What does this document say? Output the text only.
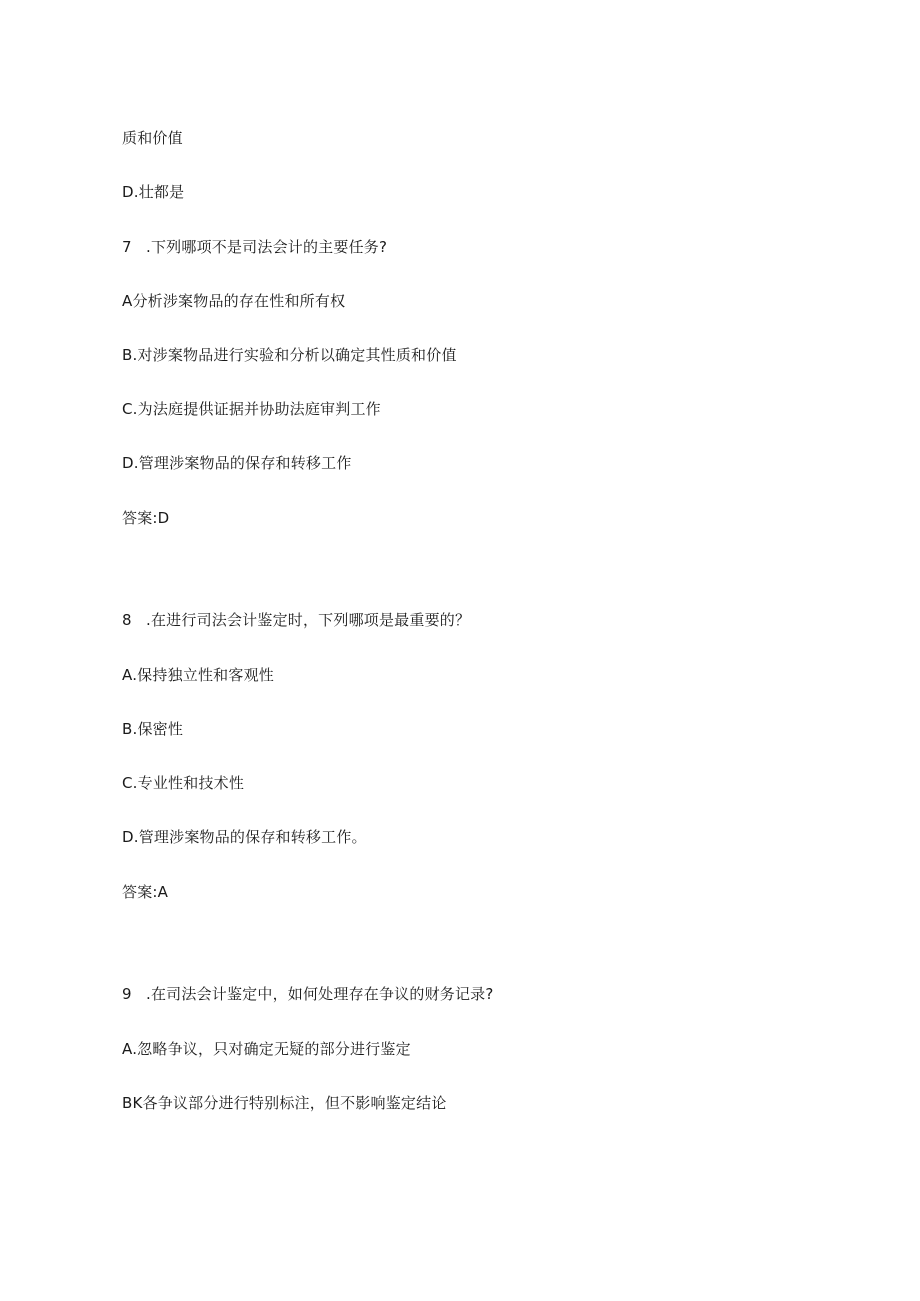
质和价值
D.壮都是
7 .下列哪项不是司法会计的主要任务?
A分析涉案物品的存在性和所有权
B.对涉案物品进行实验和分析以确定其性质和价值
C.为法庭提供证据并协助法庭审判工作
D.管理涉案物品的保存和转移工作
答案:D
8 .在进行司法会计鉴定时，下列哪项是最重要的？
A.保持独立性和客观性
B.保密性
C.专业性和技术性
D.管理涉案物品的保存和转移工作。
答案:A
9 .在司法会计鉴定中，如何处理存在争议的财务记录?
A.忽略争议，只对确定无疑的部分进行鉴定
BK各争议部分进行特别标注，但不影响鉴定结论
